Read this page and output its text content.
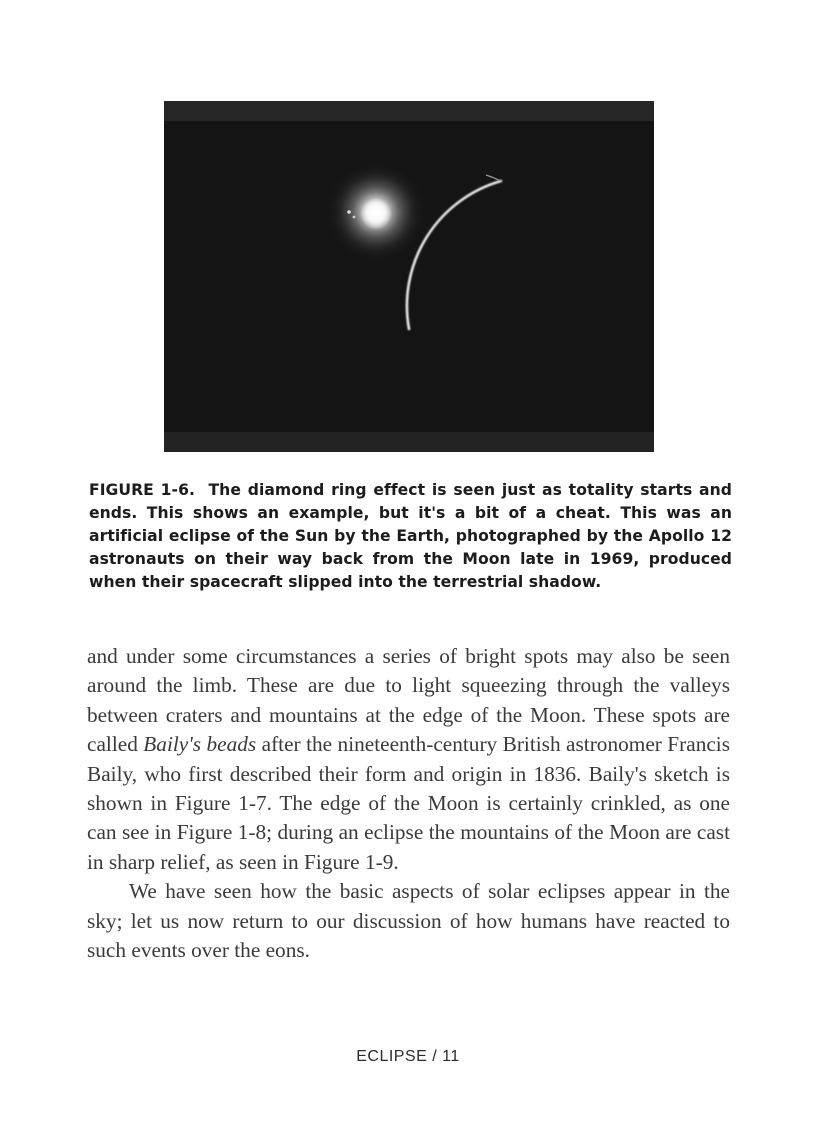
FIGURE 1-6. The diamond ring effect is seen just as totality starts and ends. This shows an example, but it's a bit of a cheat. This was an artificial eclipse of the Sun by the Earth, photographed by the Apollo 12 astronauts on their way back from the Moon late in 1969, produced when their spacecraft slipped into the terrestrial shadow.

and under some circumstances a series of bright spots may also be seen around the limb. These are due to light squeezing through the valleys between craters and mountains at the edge of the Moon. These spots are called Baily's beads after the nineteenth-century British astronomer Francis Baily, who first described their form and origin in 1836. Baily's sketch is shown in Figure 1-7. The edge of the Moon is certainly crinkled, as one can see in Figure 1-8; during an eclipse the mountains of the Moon are cast in sharp relief, as seen in Figure 1-9.

We have seen how the basic aspects of solar eclipses appear in the sky; let us now return to our discussion of how humans have reacted to such events over the eons.

ECLIPSE / 11
